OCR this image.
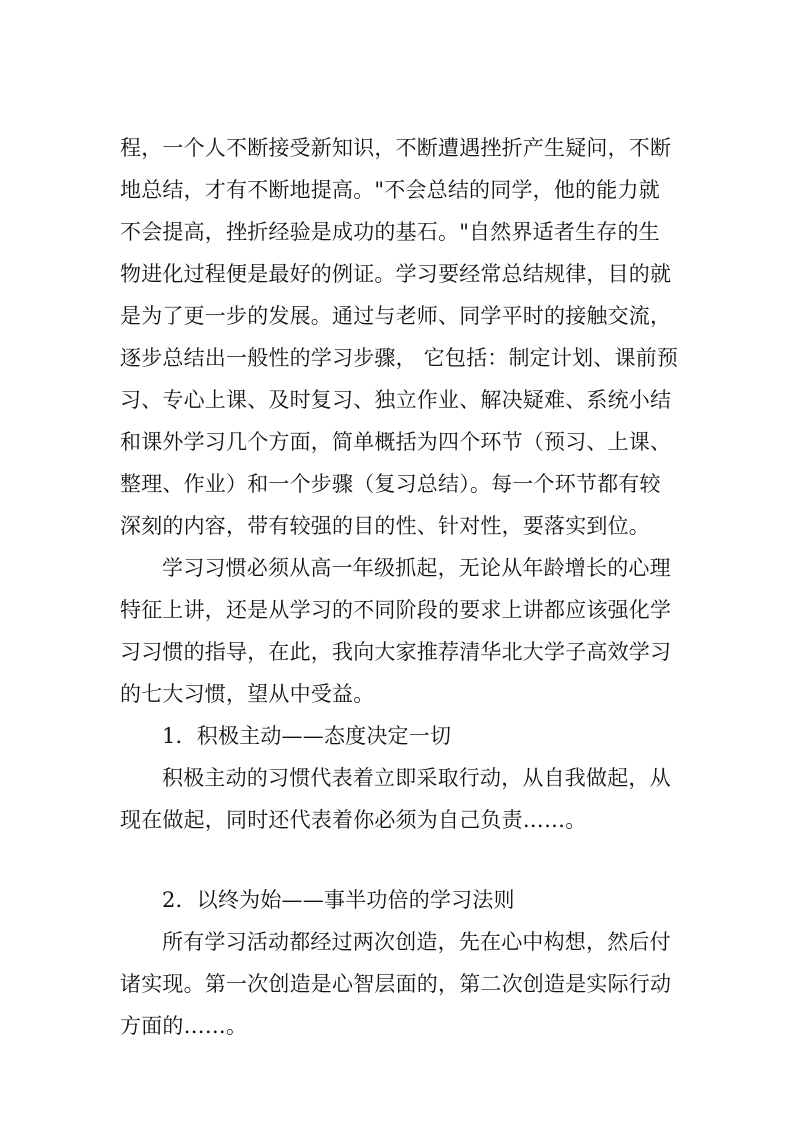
程，一个人不断接受新知识，不断遭遇挫折产生疑问，不断
地总结，才有不断地提高。"不会总结的同学，他的能力就
不会提高，挫折经验是成功的基石。"自然界适者生存的生
物进化过程便是最好的例证。学习要经常总结规律，目的就
是为了更一步的发展。通过与老师、同学平时的接触交流，
逐步总结出一般性的学习步骤， 它包括：制定计划、课前预
习、专心上课、及时复习、独立作业、解决疑难、系统小结
和课外学习几个方面，简单概括为四个环节（预习、上课、
整理、作业）和一个步骤（复习总结）。每一个环节都有较
深刻的内容，带有较强的目的性、针对性，要落实到位。
学习习惯必须从高一年级抓起，无论从年龄增长的心理
特征上讲，还是从学习的不同阶段的要求上讲都应该强化学
习习惯的指导，在此，我向大家推荐清华北大学子高效学习
的七大习惯，望从中受益。
1．积极主动——态度决定一切
积极主动的习惯代表着立即采取行动，从自我做起，从
现在做起，同时还代表着你必须为自己负责……。
2．以终为始——事半功倍的学习法则
所有学习活动都经过两次创造，先在心中构想，然后付
诸实现。第一次创造是心智层面的，第二次创造是实际行动
方面的……。
